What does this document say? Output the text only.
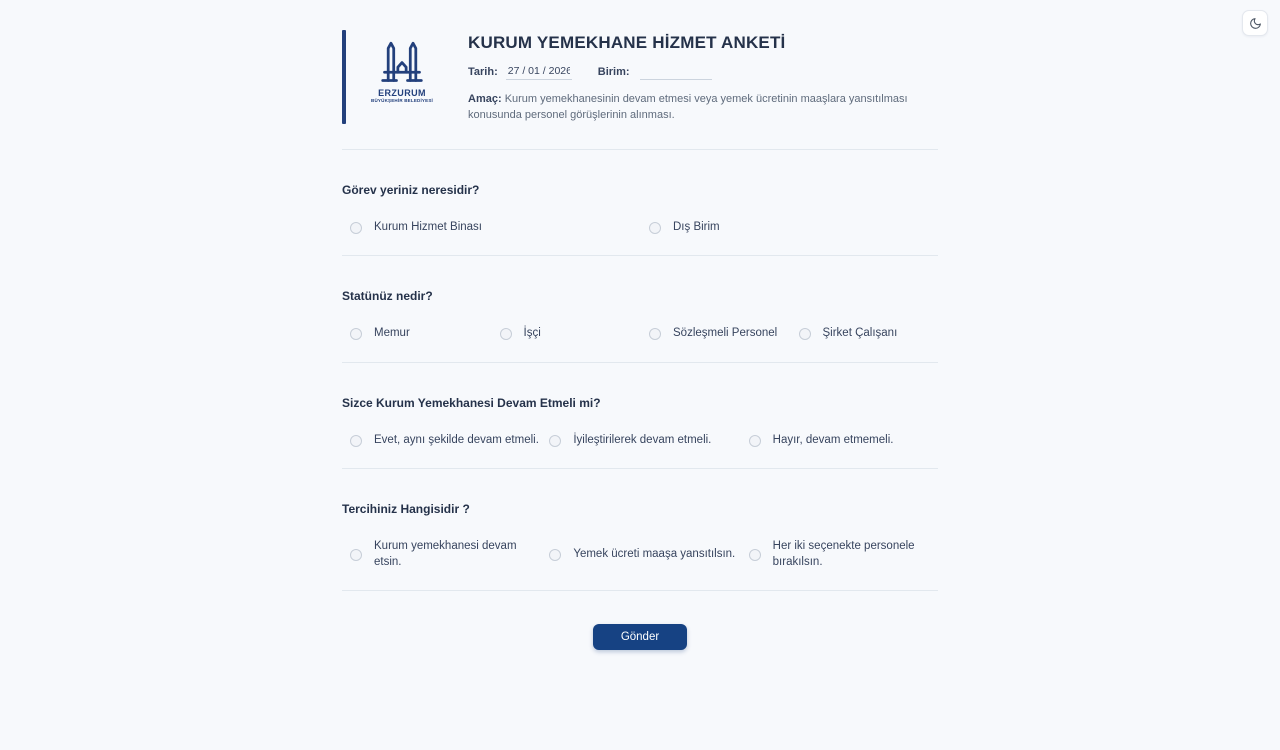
ERZURUM
BÜYÜKŞEHİR BELEDİYESİ
KURUM YEMEKHANE HİZMET ANKETİ
Tarih:
27 / 01 / 2026	Birim:

Amaç: Kurum yemekhanesinin devam etmesi veya yemek ücretinin maaşlara yansıtılması konusunda personel görüşlerinin alınması.

Görev yeriniz neresidir?
Kurum Hizmet Binası	Dış Birim
Statünüz nedir?
Memur	İşçi	Sözleşmeli Personel	Şirket Çalışanı
Sizce Kurum Yemekhanesi Devam Etmeli mi?
Evet, aynı şekilde devam etmeli.	İyileştirilerek devam etmeli.	Hayır, devam etmemeli.
Tercihiniz Hangisidir ?
Kurum yemekhanesi devam etsin.
Yemek ücreti maaşa yansıtılsın.
Her iki seçenekte personele bırakılsın.
Gönder
